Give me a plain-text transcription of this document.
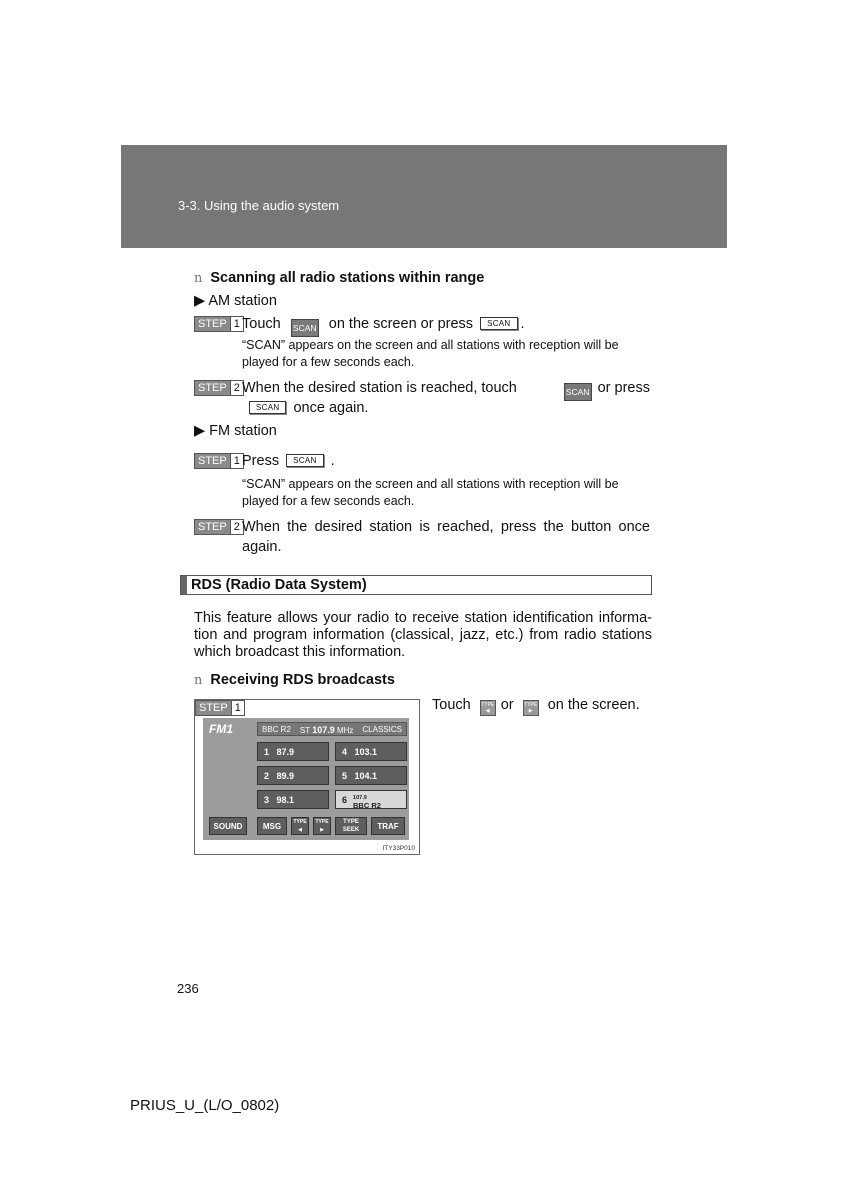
3-3. Using the audio system
n Scanning all radio stations within range
▶ AM station
STEP 1 Touch SCAN on the screen or press SCAN .
“SCAN” appears on the screen and all stations with reception will be
played for a few seconds each.
STEP 2 When the desired station is reached, touch	SCAN or press
SCAN once again.
▶ FM station
STEP 1 Press SCAN .
“SCAN” appears on the screen and all stations with reception will be
played for a few seconds each.
STEP 2 When the desired station is reached, press the button once
again.
RDS (Radio Data System)
This feature allows your radio to receive station identification informa-
tion and program information (classical, jazz, etc.) from radio stations
which broadcast this information.
n Receiving RDS broadcasts
STEP 1
FM1	BBC R2 ST 107.9 MHz CLASSICS
1 87.9	4 103.1
2 89.9	5 104.1
3 98.1	6 107.9
BBC R2
SOUND	MSG	TYPE
◀
TYPE
▶
TYPE
SEEK	TRAF
ITY33P010
Touch TYPE
◀ or TYPE
▶ on the screen.
236
PRIUS_U_(L/O_0802)
